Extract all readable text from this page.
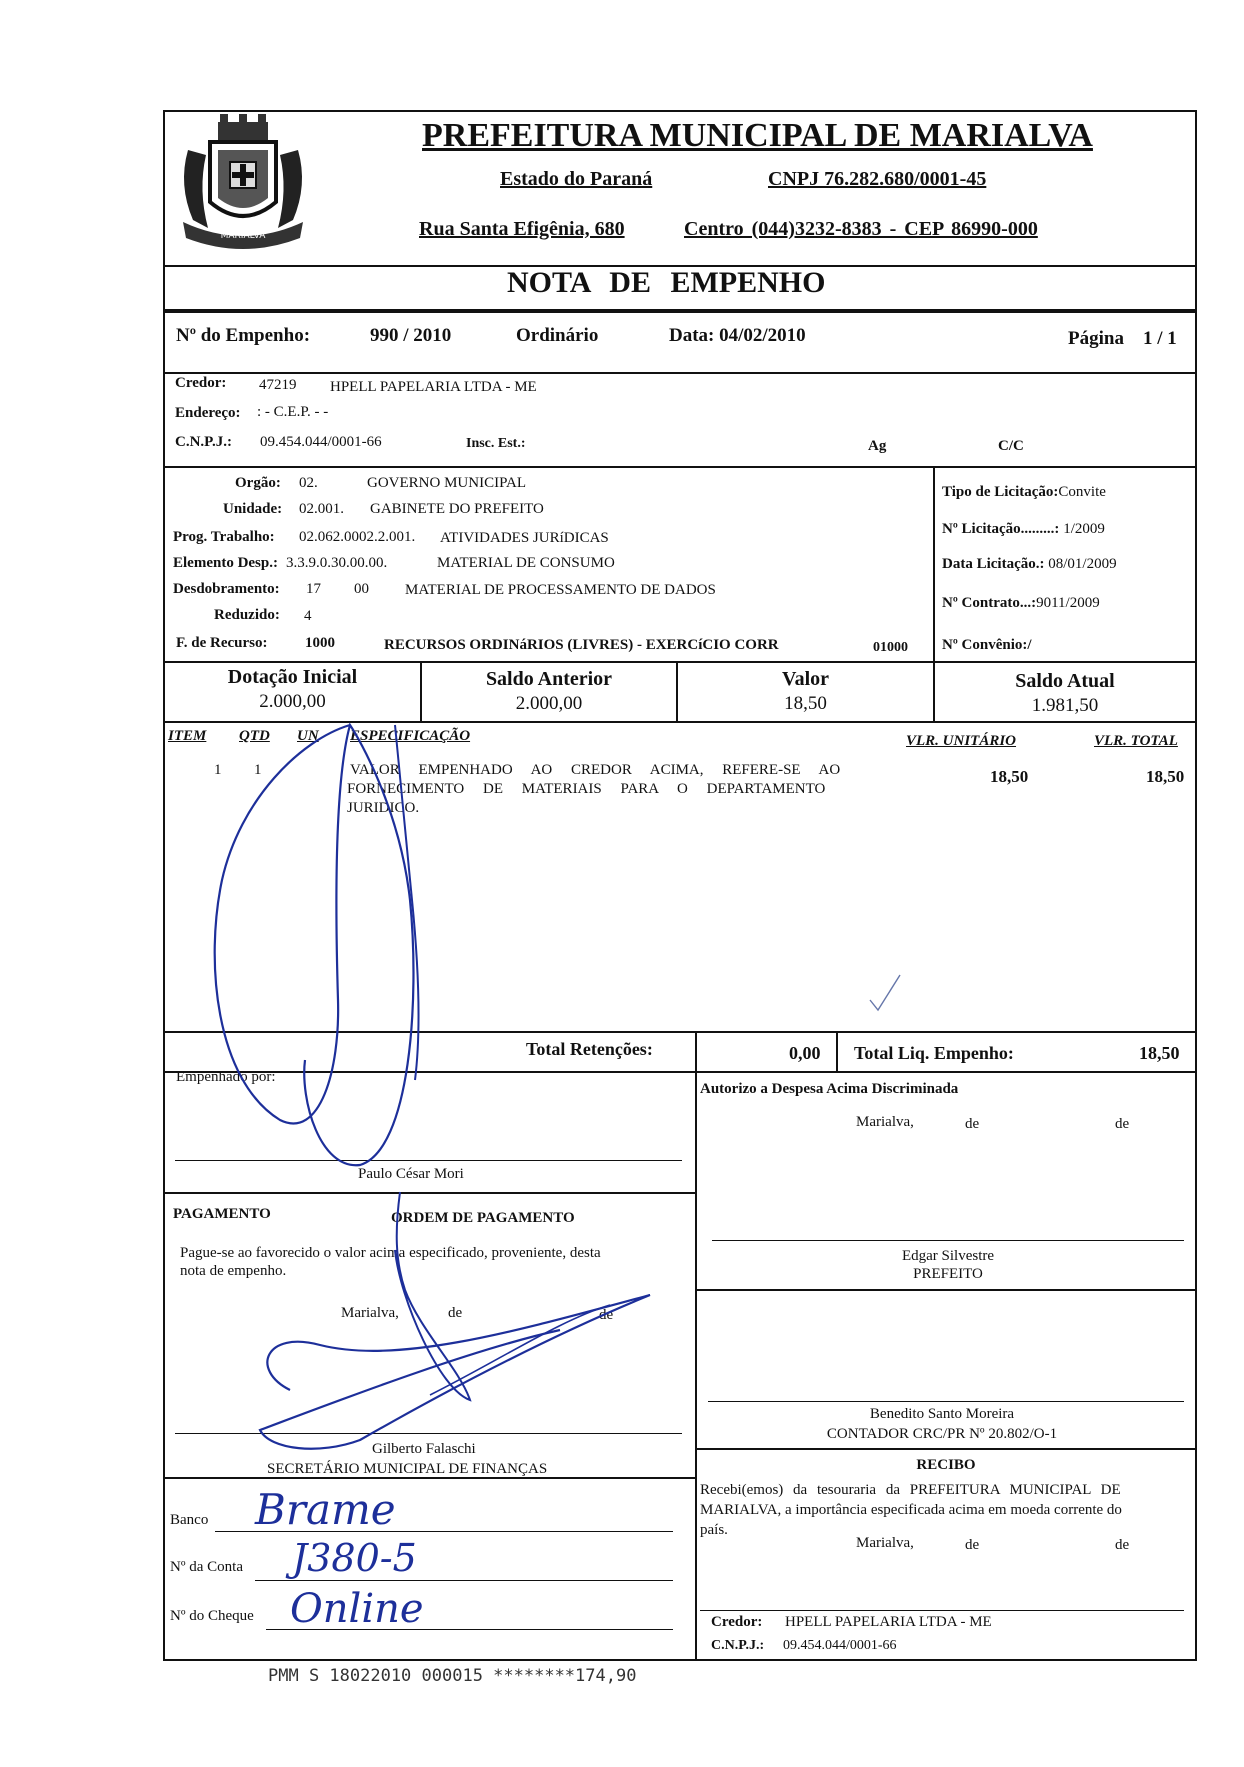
MARIALVA
PREFEITURA MUNICIPAL DE MARIALVA
Estado do Paraná	CNPJ 76.282.680/0001-45
Rua Santa Efigênia, 680	Centro (044)3232-8383 - CEP 86990-000
NOTA DE EMPENHO
Nº do Empenho:	990 / 2010	Ordinário	Data: 04/02/2010	Página 1 / 1
Credor: 47219 HPELL PAPELARIA LTDA - ME
Endereço: : - C.E.P. - -
C.N.P.J.: 09.454.044/0001-66	Insc. Est.:	Ag	C/C
Orgão: 02.	GOVERNO MUNICIPAL
Unidade: 02.001. GABINETE DO PREFEITO
Prog. Trabalho: 02.062.0002.2.001. ATIVIDADES JURíDICAS
Elemento Desp.: 3.3.9.0.30.00.00.	MATERIAL DE CONSUMO
Desdobramento: 17 00 MATERIAL DE PROCESSAMENTO DE DADOS
Reduzido: 4
F. de Recurso: 1000	RECURSOS ORDINáRIOS (LIVRES) - EXERCíCIO CORR	01000
Tipo de Licitação:Convite
Nº Licitação.........: 1/2009
Data Licitação.: 08/01/2009
Nº Contrato...:9011/2009
Nº Convênio:/
Dotação Inicial
2.000,00
Saldo Anterior
2.000,00
Valor
18,50
Saldo Atual
1.981,50
ITEM QTD UN ESPECIFICAÇÃO	VLR. UNITÁRIO	VLR. TOTAL
1 1	VALOR EMPENHADO AO CREDOR ACIMA, REFERE-SE AO
FORNECIMENTO DE MATERIAIS PARA O DEPARTAMENTO
JURIDICO.
18,50	18,50
Total Retenções:	0,00 Total Liq. Empenho:	18,50
Empenhado por:
Paulo César Mori
Autorizo a Despesa Acima Discriminada
Marialva,	de	de
Edgar Silvestre
PREFEITO
PAGAMENTO	ORDEM DE PAGAMENTO
Pague-se ao favorecido o valor acima especificado, proveniente, desta
nota de empenho.
Marialva,	de	de
Gilberto Falaschi
SECRETÁRIO MUNICIPAL DE FINANÇAS
Benedito Santo Moreira
CONTADOR CRC/PR Nº 20.802/O-1
RECIBO
Recebi(emos) da tesouraria da PREFEITURA MUNICIPAL DE
MARIALVA, a importância especificada acima em moeda corrente do
país.
Marialva,	de	de
Credor: HPELL PAPELARIA LTDA - ME
C.N.P.J.: 09.454.044/0001-66
Banco Brame
Nº da Conta J380-5
Nº do Cheque Online
PMM S 18022010 000015 ********174,90
